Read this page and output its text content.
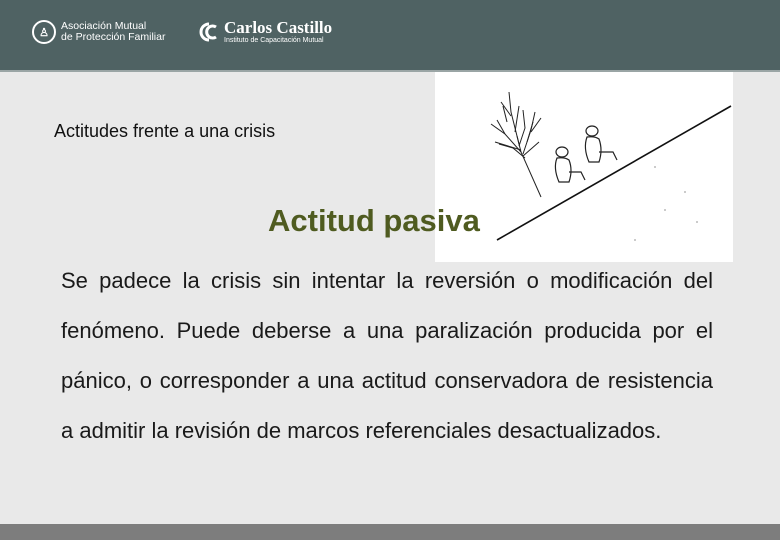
♙
Asociación Mutual
de Protección Familiar	Carlos Castillo
Instituto de Capacitación Mutual
Actitudes frente a una crisis
Actitud pasiva

Se padece la crisis sin intentar la reversión o modificación del fenómeno. Puede deberse a una paralización producida por el pánico, o corresponder a una actitud conservadora de resistencia a admitir la revisión de marcos referenciales desactualizados.
